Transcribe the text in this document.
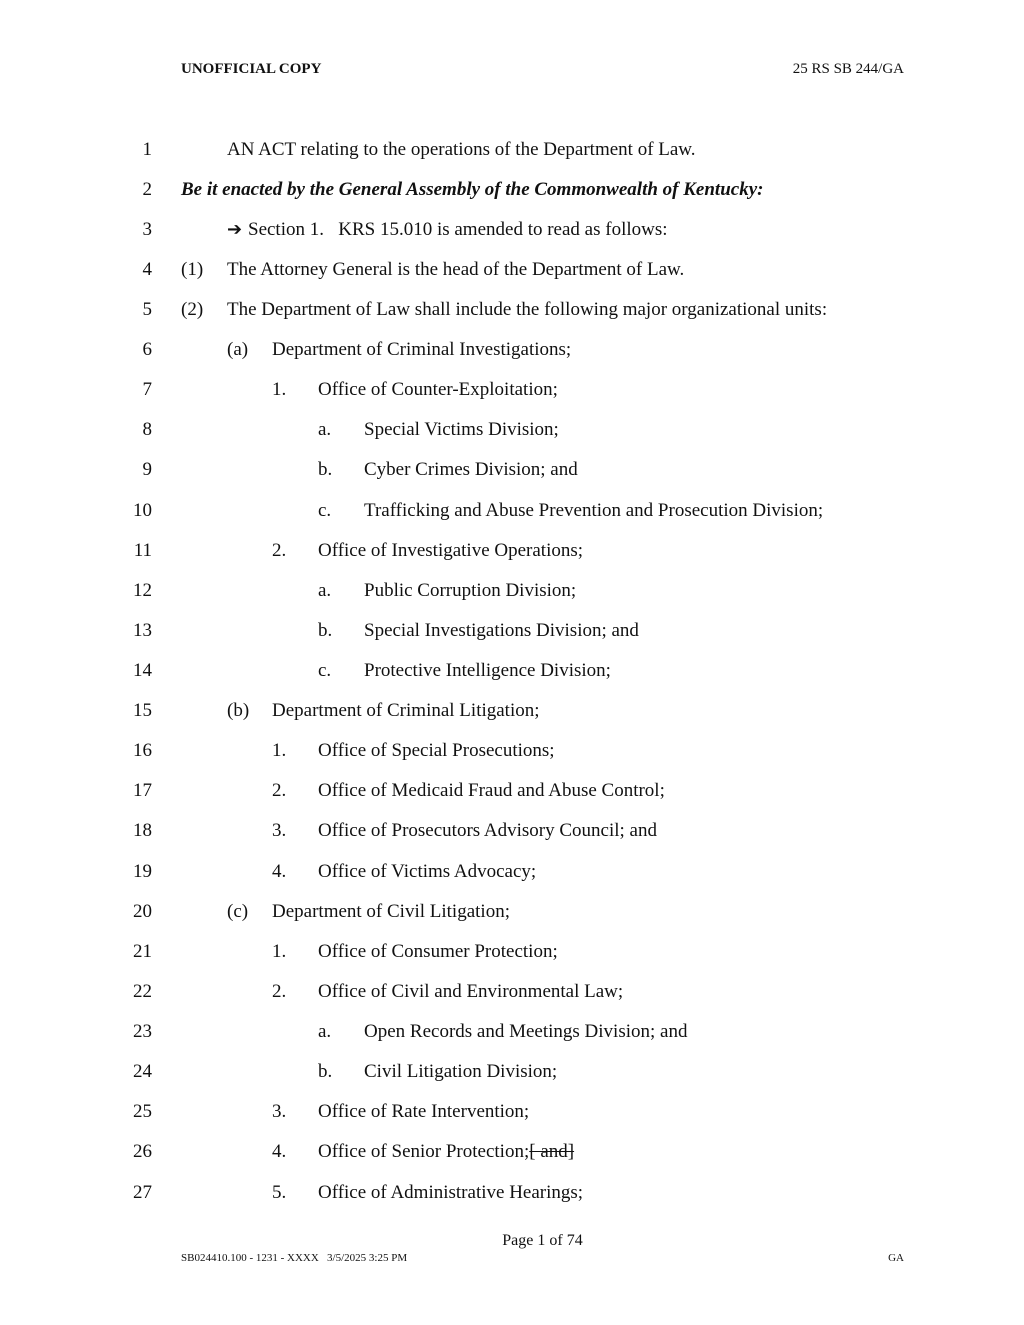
UNOFFICIAL COPY	25 RS SB 244/GA
1	AN ACT relating to the operations of the Department of Law.
2 Be it enacted by the General Assembly of the Commonwealth of Kentucky:
3	➔ Section 1.   KRS 15.010 is amended to read as follows:
4 (1) The Attorney General is the head of the Department of Law.
5 (2) The Department of Law shall include the following major organizational units:
6	(a) Department of Criminal Investigations;
7	1. Office of Counter-Exploitation;
8	a. Special Victims Division;
9	b. Cyber Crimes Division; and
10	c. Trafficking and Abuse Prevention and Prosecution Division;
11	2. Office of Investigative Operations;
12	a. Public Corruption Division;
13	b. Special Investigations Division; and
14	c. Protective Intelligence Division;
15	(b) Department of Criminal Litigation;
16	1. Office of Special Prosecutions;
17	2. Office of Medicaid Fraud and Abuse Control;
18	3. Office of Prosecutors Advisory Council; and
19	4. Office of Victims Advocacy;
20	(c) Department of Civil Litigation;
21	1. Office of Consumer Protection;
22	2. Office of Civil and Environmental Law;
23	a. Open Records and Meetings Division; and
24	b. Civil Litigation Division;
25	3. Office of Rate Intervention;
26	4. Office of Senior Protection;[ and]
27	5. Office of Administrative Hearings;
Page 1 of 74
SB024410.100 - 1231 - XXXX   3/5/2025 3:25 PM	GA
